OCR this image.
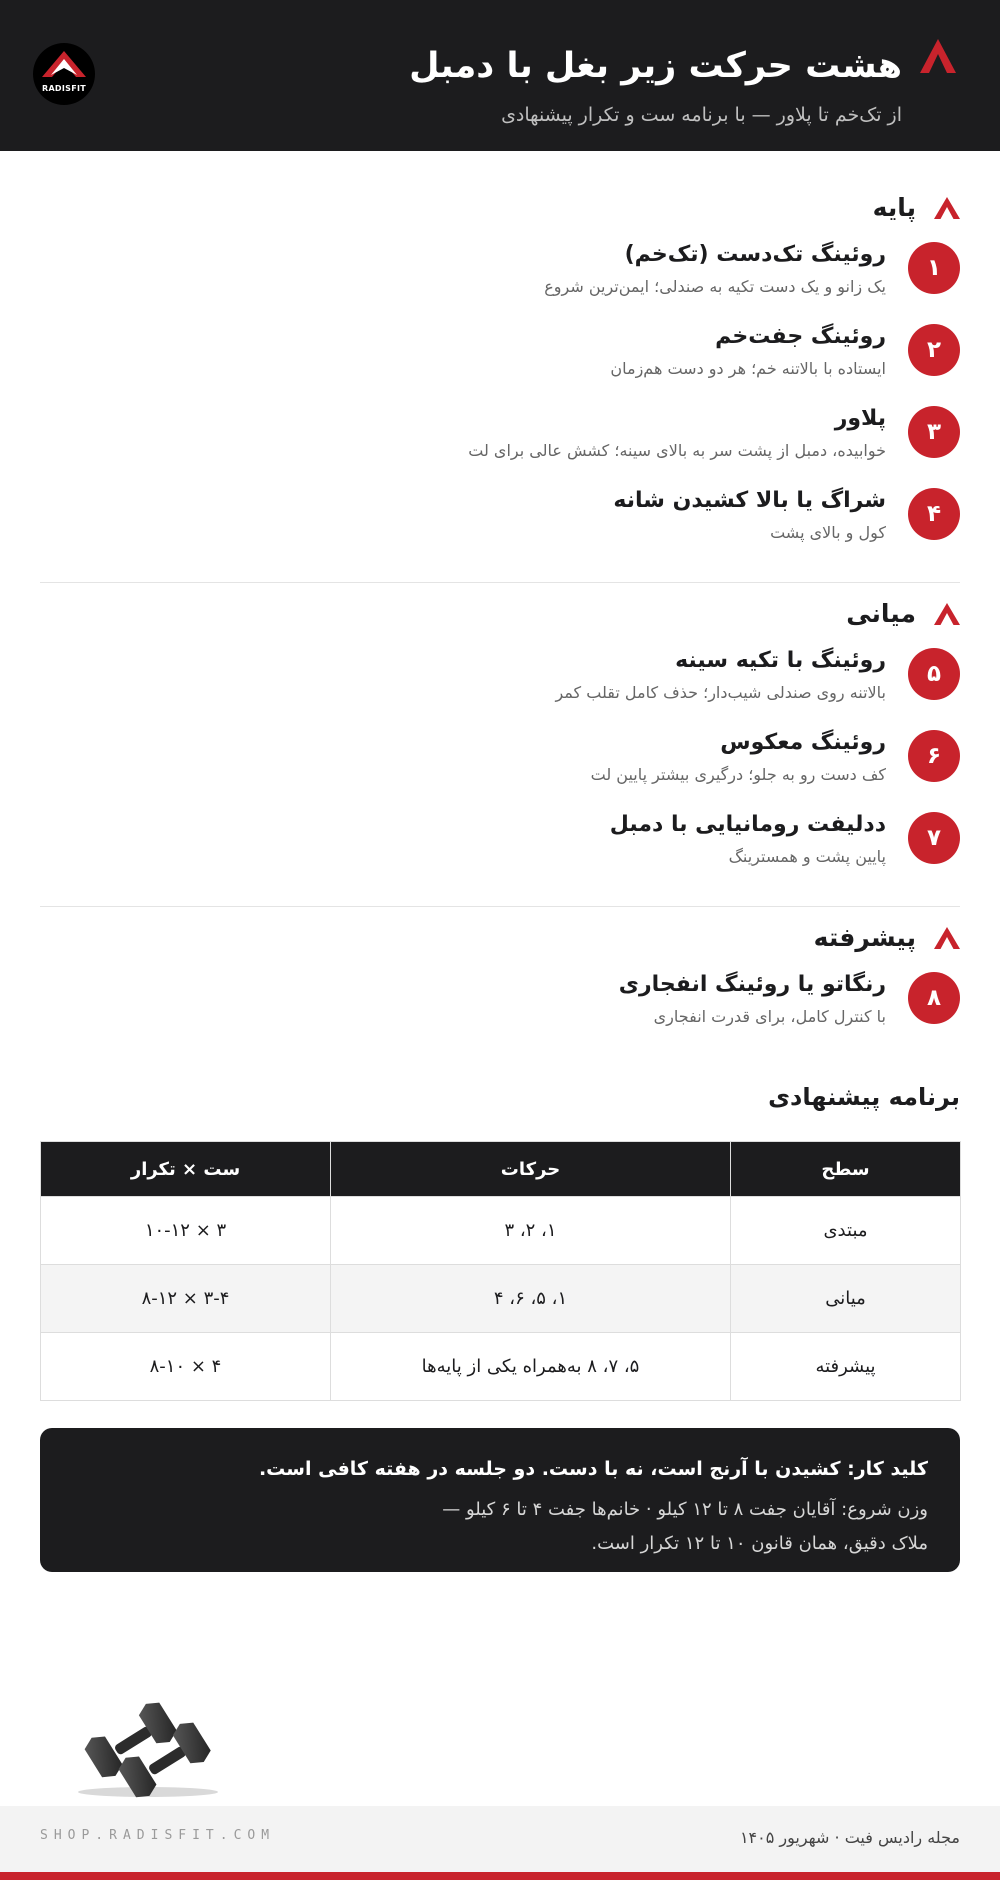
هشت حرکت زیر بغل با دمبل
از تک‌خم تا پلاور — با برنامه ست و تکرار پیشنهادی
RADISFIT
پایه
۱
روئینگ تک‌دست (تک‌خم)
یک زانو و یک دست تکیه به صندلی؛ ایمن‌ترین شروع
۲
روئینگ جفت‌خم
ایستاده با بالاتنه خم؛ هر دو دست هم‌زمان
۳
پلاور
خوابیده، دمبل از پشت سر به بالای سینه؛ کشش عالی برای لت
۴
شراگ یا بالا کشیدن شانه
کول و بالای پشت
میانی
۵
روئینگ با تکیه سینه
بالاتنه روی صندلی شیب‌دار؛ حذف کامل تقلب کمر
۶
روئینگ معکوس
کف دست رو به جلو؛ درگیری بیشتر پایین لت
۷
ددلیفت رومانیایی با دمبل
پایین پشت و همسترینگ
پیشرفته
۸
رنگاتو یا روئینگ انفجاری
با کنترل کامل، برای قدرت انفجاری
برنامه پیشنهادی
سطح	حرکات	ست × تکرار
مبتدی	۱، ۲، ۳	۳ × ۱۰-۱۲
میانی	۱، ۵، ۶، ۴	۳-۴ × ۸-۱۲
پیشرفته	۵، ۷، ۸ به‌همراه یکی از پایه‌ها	۴ × ۸-۱۰
کلید کار: کشیدن با آرنج است، نه با دست. دو جلسه در هفته کافی است.
وزن شروع: آقایان جفت ۸ تا ۱۲ کیلو · خانم‌ها جفت ۴ تا ۶ کیلو —
ملاک دقیق، همان قانون ۱۰ تا ۱۲ تکرار است.
SHOP.RADISFIT.COM	مجله رادیس فیت · شهریور ۱۴۰۵
